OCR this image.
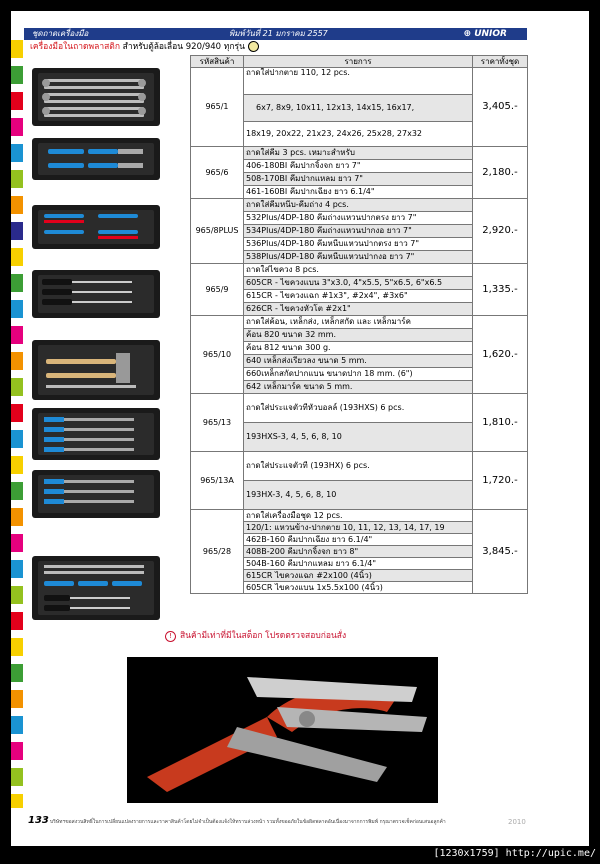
ชุดถาดเครื่องมือ	พิมพ์วันที่ 21 มกราคม 2557	⊕ UNIOR
เครื่องมือในถาดพลาสติก สำหรับตู้ล้อเลื่อน 920/940 ทุกรุ่น
รหัสสินค้า	รายการ	ราคาทั้งชุด
965/1	ถาดใส่ปากตาย 110, 12 pcs.	3,405.-
	6x7, 8x9, 10x11, 12x13, 14x15, 16x17,	
	18x19, 20x22, 21x23, 24x26, 25x28, 27x32	
965/6	ถาดใส่คีม 3 pcs. เหมาะสำหรับ	2,180.-
	406-180BI คีมปากจิ้งจก ยาว 7"	
	508-170BI คีมปากแหลม ยาว 7"	
	461-160BI คีมปากเฉียง ยาว 6.1/4"	
965/8PLUS	ถาดใส่คีมหนีบ-คีมถ่าง 4 pcs.	2,920.-
	532Plus/4DP-180 คีมถ่างแหวนปากตรง ยาว 7"	
	534Plus/4DP-180 คีมถ่างแหวนปากงอ ยาว 7"	
	536Plus/4DP-180 คีมหนีบแหวนปากตรง ยาว 7"	
	538Plus/4DP-180 คีมหนีบแหวนปากงอ ยาว 7"	
965/9	ถาดใส่ไขควง 8 pcs.	1,335.-
	605CR - ไขควงแบน 3"x3.0, 4"x5.5, 5"x6.5, 6"x6.5	
	615CR - ไขควงแฉก #1x3", #2x4", #3x6"	
	626CR - ไขควงหัวโต #2x1"	
965/10	ถาดใส่ค้อน, เหล็กส่ง, เหล็กสกัด และ เหล็กมาร์ค	1,620.-
	ค้อน 820 ขนาด 32 mm.	
	ค้อน 812 ขนาด 300 g.	
	640 เหล็กส่งเรียวลง ขนาด 5 mm.	
	660เหล็กสกัดปากแบน ขนาดปาก 18 mm. (6")	
	642 เหล็กมาร์ค ขนาด 5 mm.	
965/13	ถาดใส่ประแจตัวทีหัวบอลล์ (193HXS) 6 pcs.	1,810.-
	193HXS-3, 4, 5, 6, 8, 10	
965/13A	ถาดใส่ประแจตัวที (193HX) 6 pcs.	1,720.-
	193HX-3, 4, 5, 6, 8, 10	
965/28	ถาดใส่เครื่องมือชุด 12 pcs.	3,845.-
	120/1: แหวนข้าง-ปากตาย 10, 11, 12, 13, 14, 17, 19	
	462B-160 คีมปากเฉียง ยาว 6.1/4"	
	408B-200 คีมปากจิ้งจก ยาว 8"	
	504B-160 คีมปากแหลม ยาว 6.1/4"	
	615CR ไขควงแฉก #2x100 (4นิ้ว)	
	605CR ไขควงแบน 1x5.5x100 (4นิ้ว)	
! สินค้ามีเท่าที่มีในสต็อก โปรดตรวจสอบก่อนสั่ง
133 บริษัทฯขอสงวนสิทธิ์ในการเปลี่ยนแปลงรายการและราคาสินค้าโดยไม่จำเป็นต้องแจ้งให้ทราบล่วงหน้า รวมทั้งขออภัยในข้อผิดพลาดอันเนื่องมาจากการพิมพ์ กรุณาตรวจเช็คก่อนเสนอลูกค้า	2010
[1230x1759] http://upic.me/
